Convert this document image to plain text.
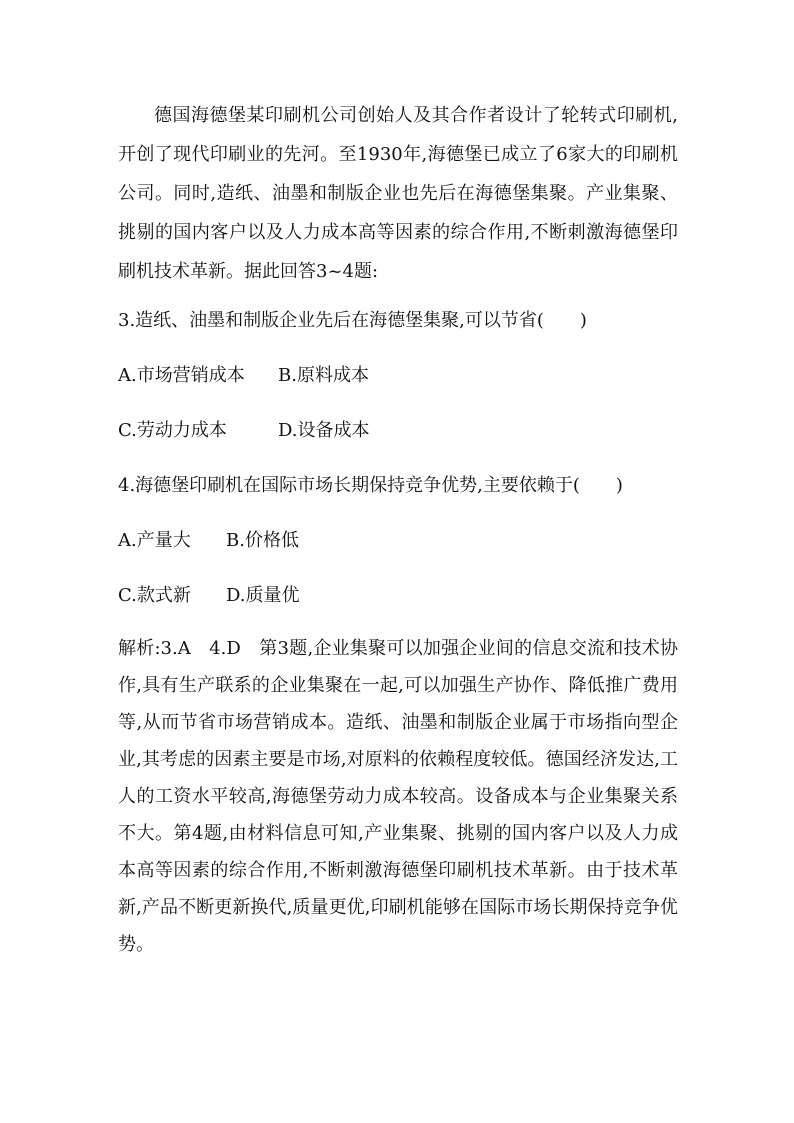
德国海德堡某印刷机公司创始人及其合作者设计了轮转式印刷机,开创了现代印刷业的先河。至1930年,海德堡已成立了6家大的印刷机公司。同时,造纸、油墨和制版企业也先后在海德堡集聚。产业集聚、挑剔的国内客户以及人力成本高等因素的综合作用,不断刺激海德堡印刷机技术革新。据此回答3~4题:

3.造纸、油墨和制版企业先后在海德堡集聚,可以节省(　　)

A.市场营销成本 B.原料成本
C.劳动力成本	D.设备成本

4.海德堡印刷机在国际市场长期保持竞争优势,主要依赖于(　　)

A.产量大 B.价格低
C.款式新 D.质量优

解析:3.A　4.D　第3题,企业集聚可以加强企业间的信息交流和技术协作,具有生产联系的企业集聚在一起,可以加强生产协作、降低推广费用等,从而节省市场营销成本。造纸、油墨和制版企业属于市场指向型企业,其考虑的因素主要是市场,对原料的依赖程度较低。德国经济发达,工人的工资水平较高,海德堡劳动力成本较高。设备成本与企业集聚关系不大。第4题,由材料信息可知,产业集聚、挑剔的国内客户以及人力成本高等因素的综合作用,不断刺激海德堡印刷机技术革新。由于技术革新,产品不断更新换代,质量更优,印刷机能够在国际市场长期保持竞争优势。
